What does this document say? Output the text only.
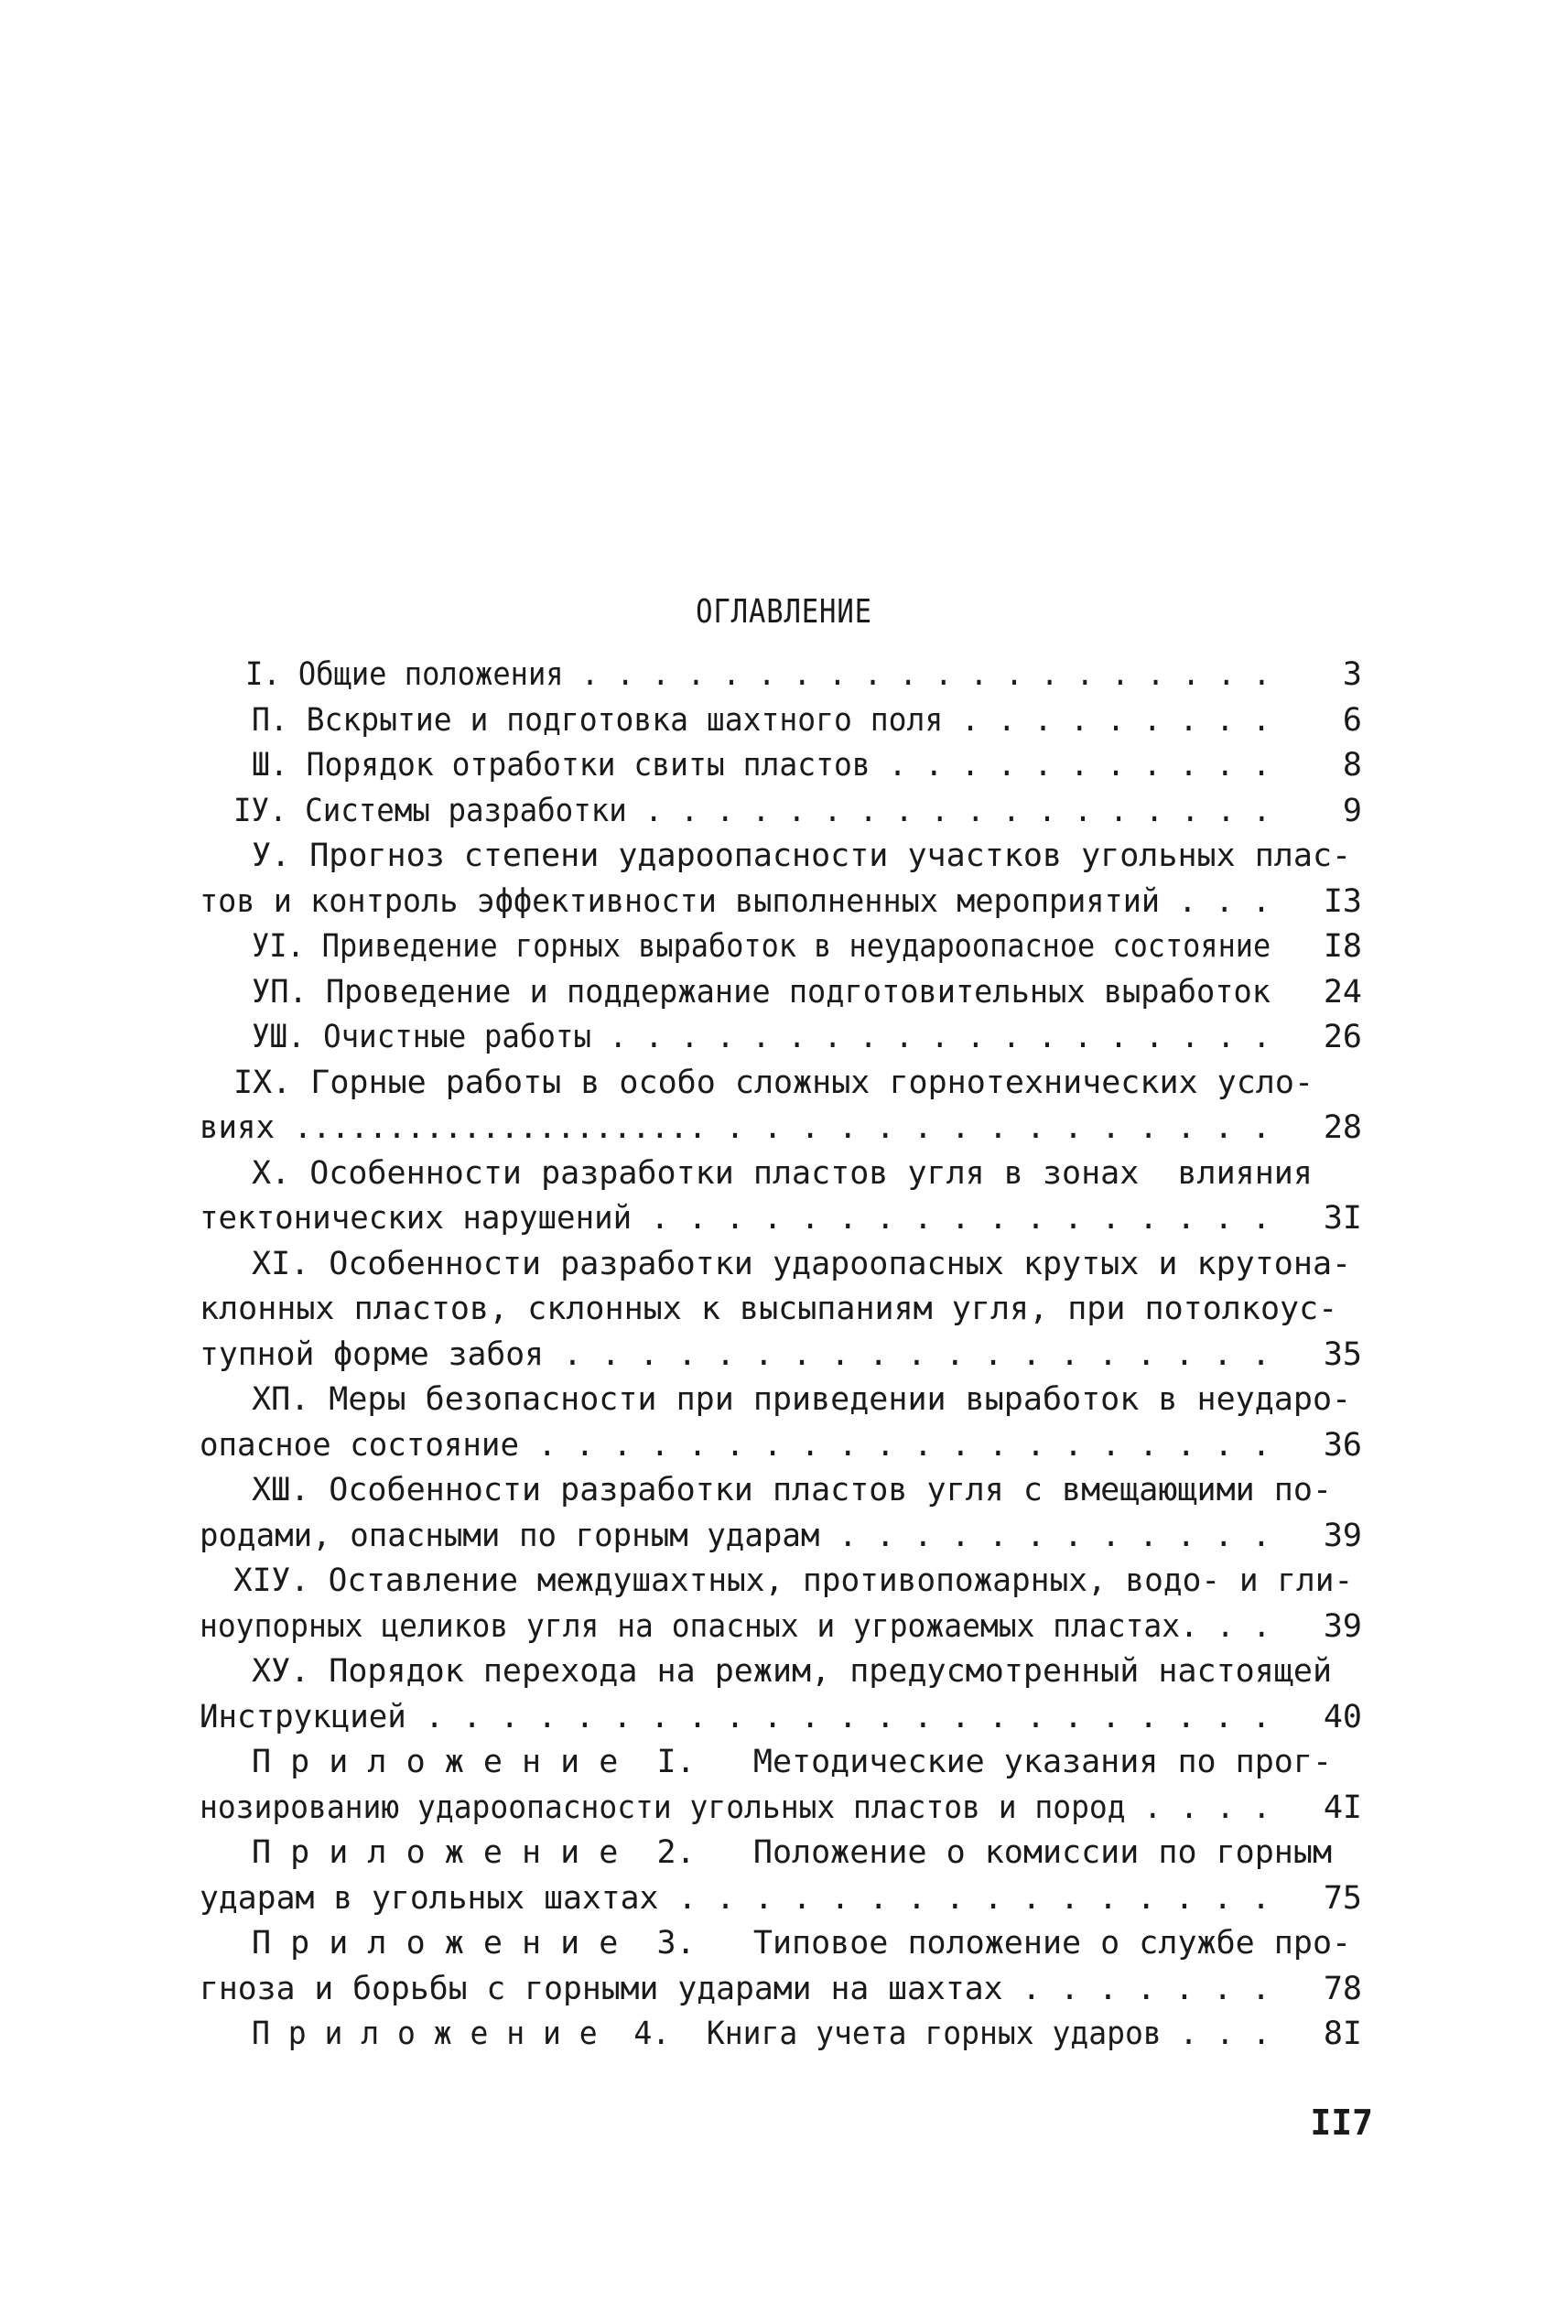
ОГЛАВЛЕНИЕ
I. Общие положения . . . . . . . . . . . . . . . . . . . .	3
П. Вскрытие и подготовка шахтного поля . . . . . . . . .	6
Ш. Порядок отработки свиты пластов . . . . . . . . . . .	8
IУ. Системы разработки . . . . . . . . . . . . . . . . . .	9
У. Прогноз степени удароопасности участков угольных плас-
тов и контроль эффективности выполненных мероприятий . . .	I3
УI. Приведение горных выработок в неудароопасное состояние	I8
УП. Проведение и поддержание подготовительных выработок	24
УШ. Очистные работы . . . . . . . . . . . . . . . . . . .	26
IX. Горные работы в особо сложных горнотехнических усло-
виях ...................... . . . . . . . . . . . . . . .	28
X. Особенности разработки пластов угля в зонах  влияния
тектонических нарушений . . . . . . . . . . . . . . . . .	3I
XI. Особенности разработки удароопасных крутых и крутона-
клонных пластов, склонных к высыпаниям угля, при потолкоус-
тупной форме забоя . . . . . . . . . . . . . . . . . . .	35
XП. Меры безопасности при приведении выработок в неударо-
опасное состояние . . . . . . . . . . . . . . . . . . . .	36
XШ. Особенности разработки пластов угля с вмещающими по-
родами, опасными по горным ударам . . . . . . . . . . . .	39
XIУ. Оставление междушахтных, противопожарных, водо- и гли-
ноупорных целиков угля на опасных и угрожаемых пластах. . .	39
XУ. Порядок перехода на режим, предусмотренный настоящей
Инструкцией . . . . . . . . . . . . . . . . . . . . . . .	40
П р и л о ж е н и е  I.   Методические указания по прог-
нозированию удароопасности угольных пластов и пород . . . .	4I
П р и л о ж е н и е  2.   Положение о комиссии по горным
ударам в угольных шахтах . . . . . . . . . . . . . . . .	75
П р и л о ж е н и е  3.   Типовое положение о службе про-
гноза и борьбы с горными ударами на шахтах . . . . . . .	78
П р и л о ж е н и е  4.  Книга учета горных ударов . . .	8I
II7
